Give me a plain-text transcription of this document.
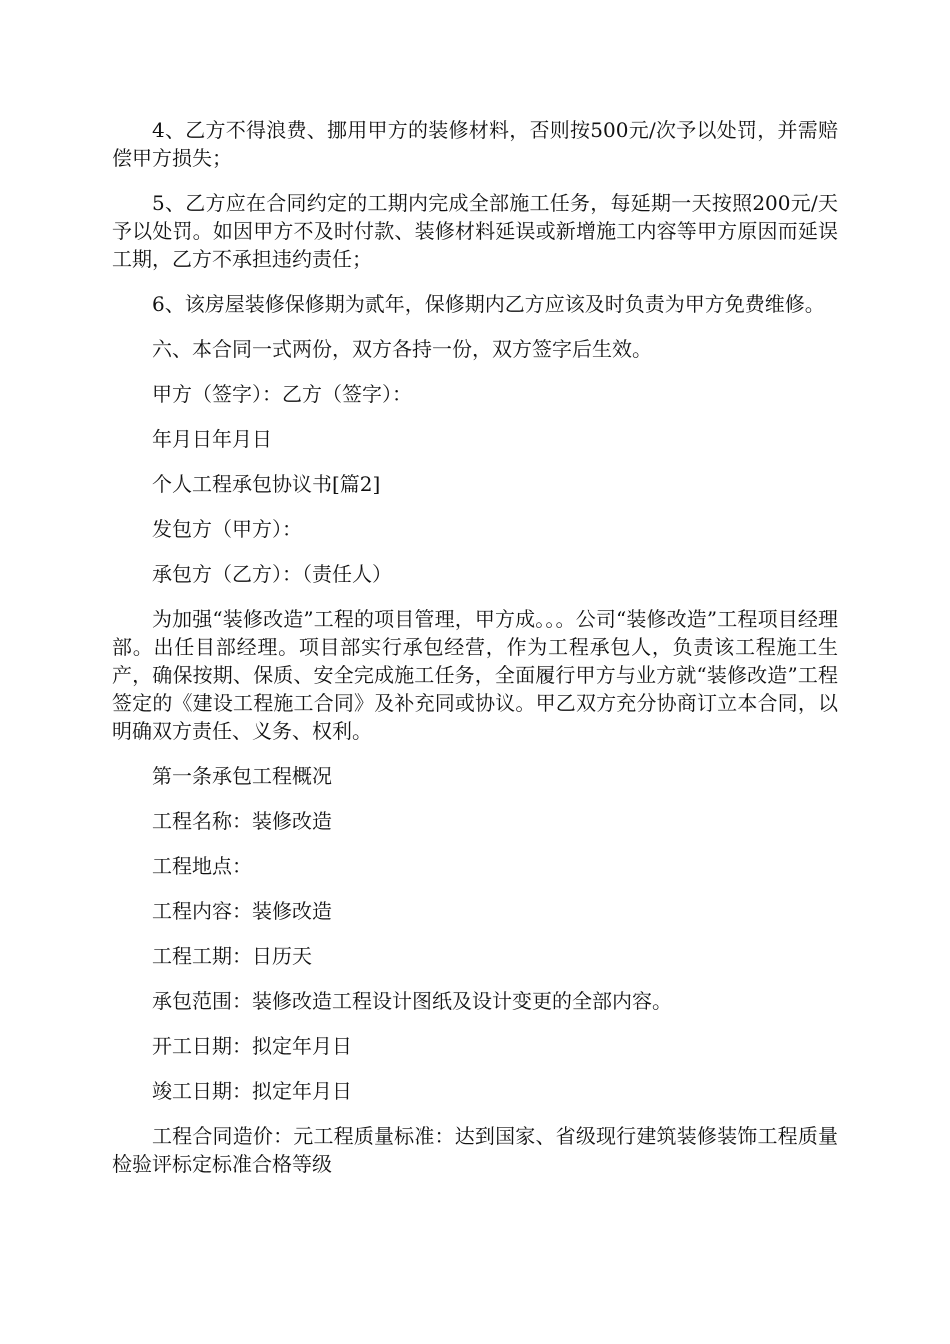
4、乙方不得浪费、挪用甲方的装修材料，否则按500元/次予以处罚，并需赔偿甲方损失；

5、乙方应在合同约定的工期内完成全部施工任务，每延期一天按照200元/天予以处罚。如因甲方不及时付款、装修材料延误或新增施工内容等甲方原因而延误工期，乙方不承担违约责任；

6、该房屋装修保修期为贰年，保修期内乙方应该及时负责为甲方免费维修。

六、本合同一式两份，双方各持一份，双方签字后生效。

甲方（签字）：乙方（签字）：

年月日年月日

个人工程承包协议书[篇2]

发包方（甲方）：

承包方（乙方）：（责任人）

为加强“装修改造”工程的项目管理，甲方成。。。公司“装修改造”工程项目经理部。出任目部经理。项目部实行承包经营，作为工程承包人，负责该工程施工生产，确保按期、保质、安全完成施工任务，全面履行甲方与业方就“装修改造”工程签定的《建设工程施工合同》及补充同或协议。甲乙双方充分协商订立本合同，以明确双方责任、义务、权利。

第一条承包工程概况

工程名称：装修改造

工程地点：

工程内容：装修改造

工程工期：日历天

承包范围：装修改造工程设计图纸及设计变更的全部内容。

开工日期：拟定年月日

竣工日期：拟定年月日

工程合同造价：元工程质量标准：达到国家、省级现行建筑装修装饰工程质量检验评标定标准合格等级
